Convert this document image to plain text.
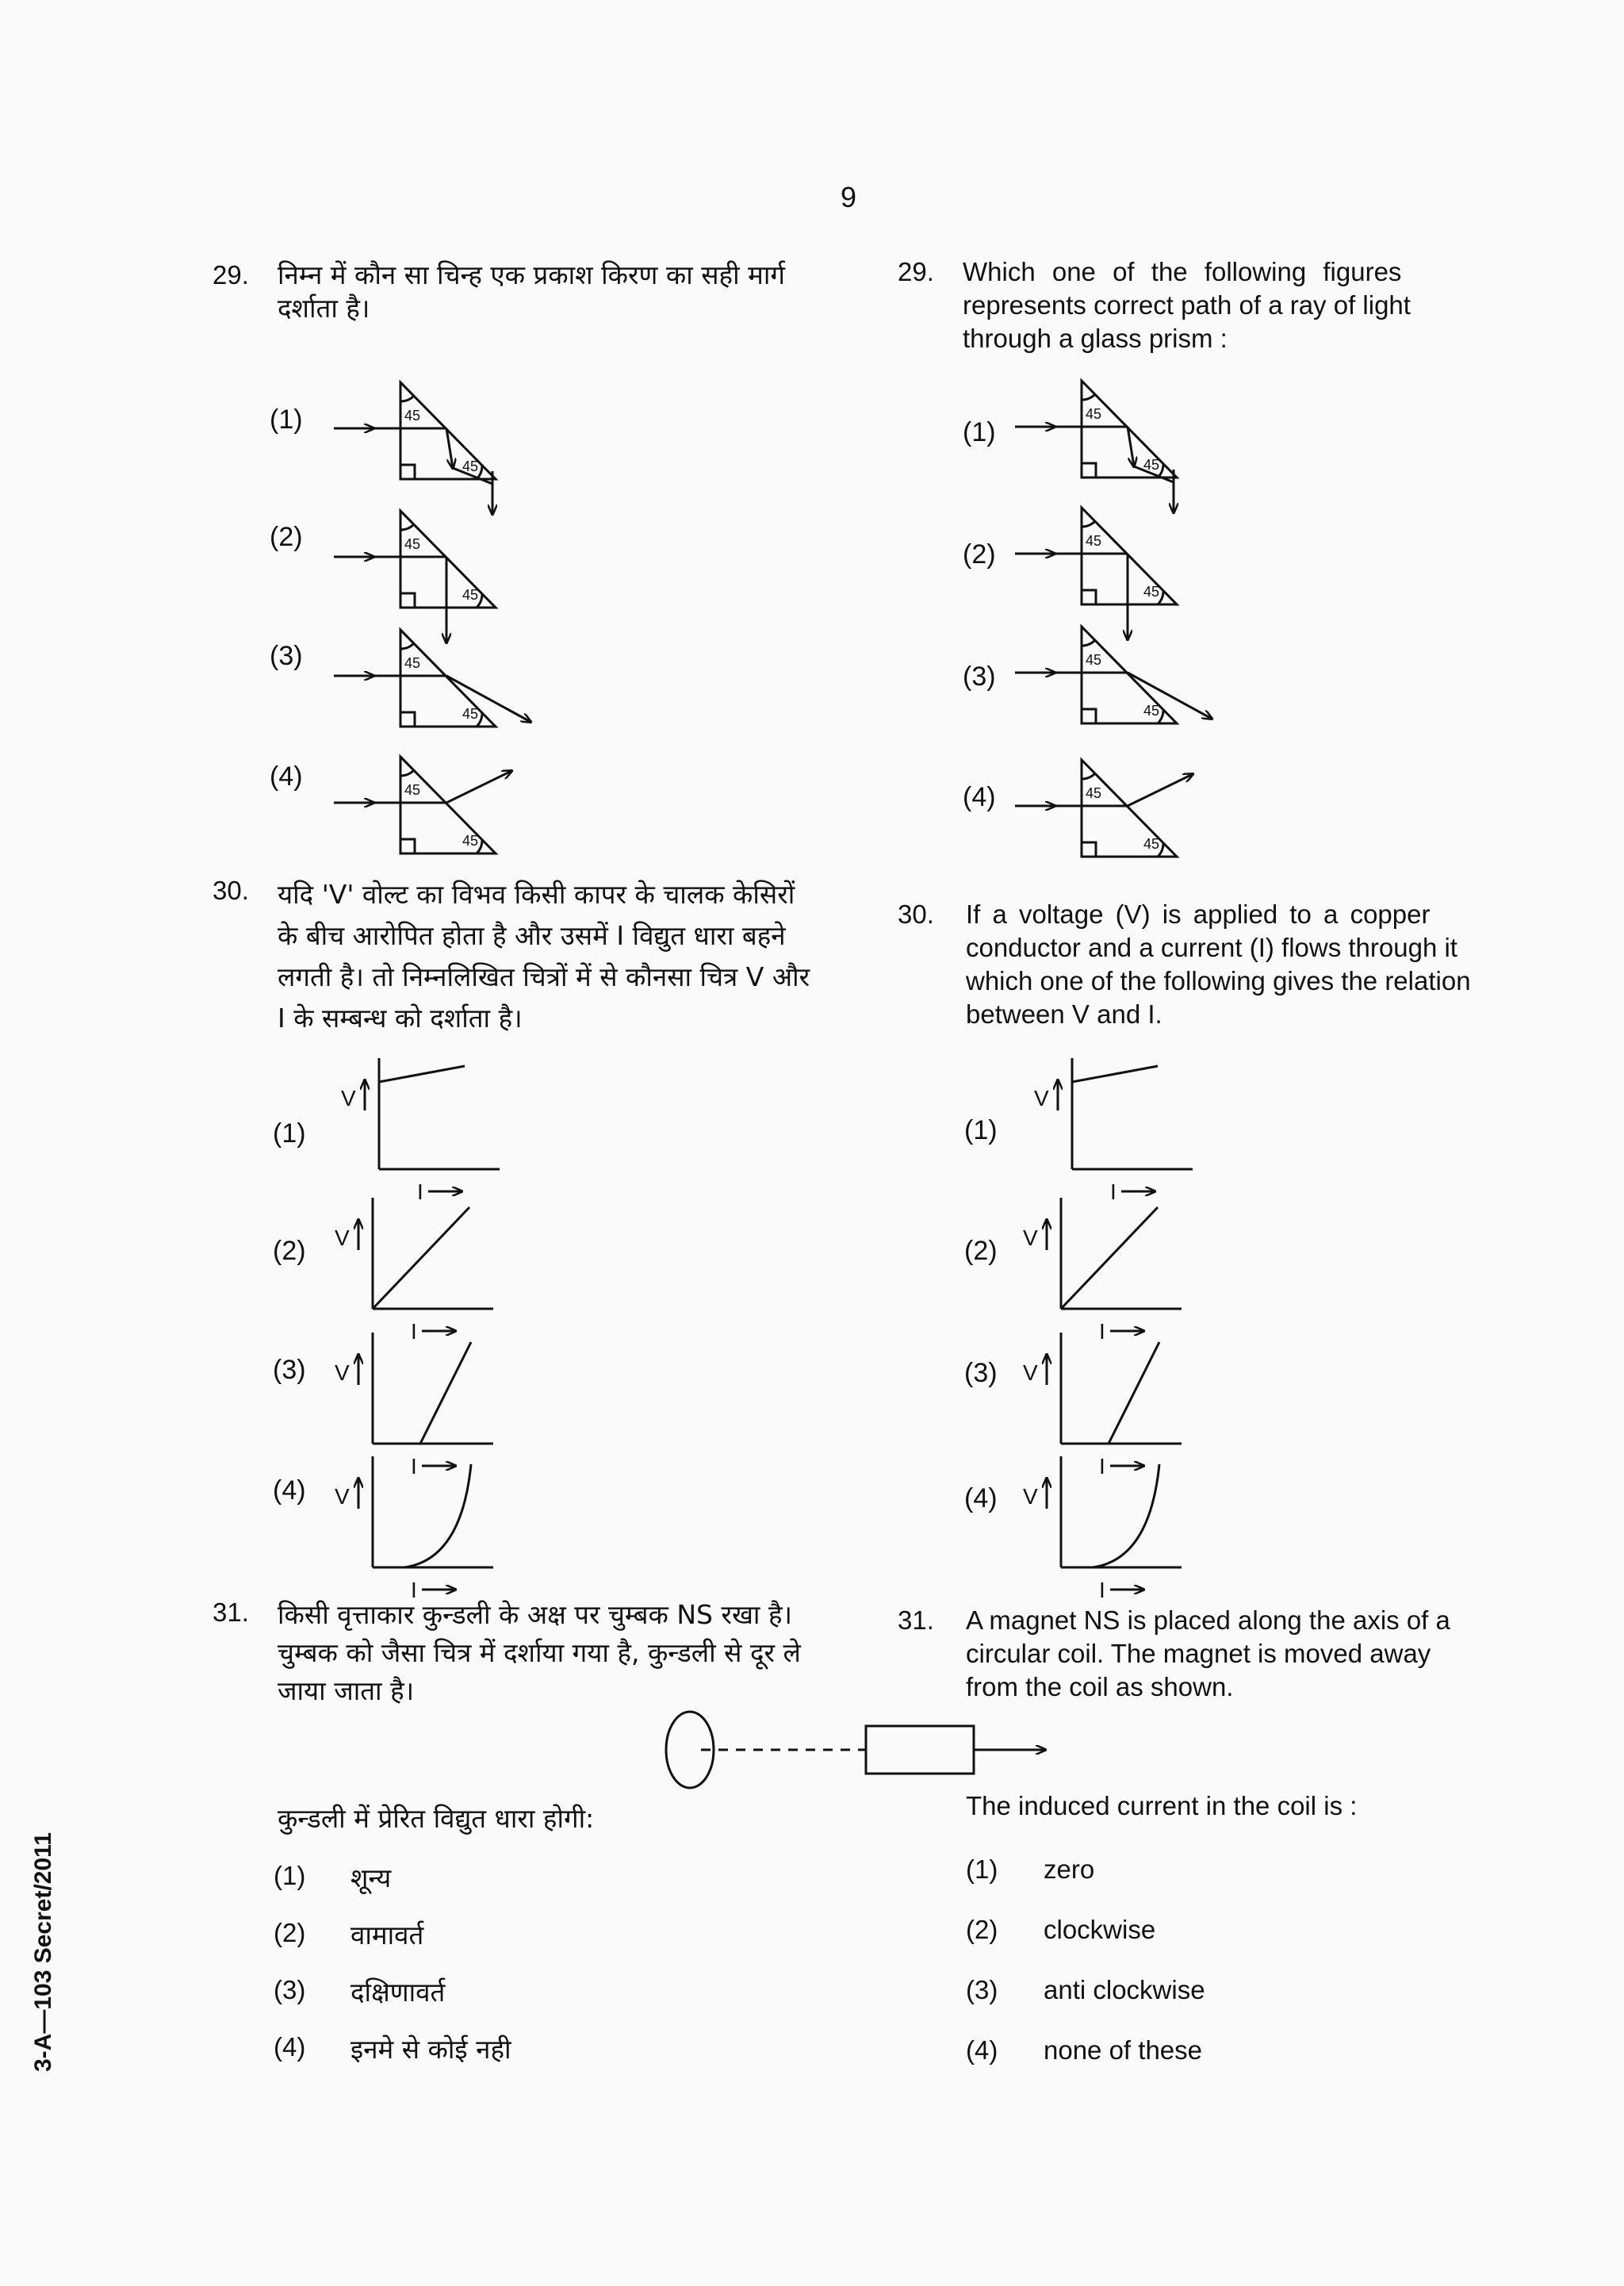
9
3-A—103 Secret/2011
29. निम्न में कौन सा चिन्ह एक प्रकाश किरण का सही मार्ग
दर्शाता है।
30. यदि 'V' वोल्ट का विभव किसी कापर के चालक केसिरों
के बीच आरोपित होता है और उसमें I विद्युत धारा बहने
लगती है। तो निम्नलिखित चित्रों में से कौनसा चित्र V और
I के सम्बन्ध को दर्शाता है।
31. किसी वृत्ताकार कुन्डली के अक्ष पर चुम्बक NS रखा है।
चुम्बक को जैसा चित्र में दर्शाया गया है, कुन्डली से दूर ले
जाया जाता है।
कुन्डली में प्रेरित विद्युत धारा होगी:
(1) शून्य
(2) वामावर्त
(3) दक्षिणावर्त
(4) इनमे से कोई नही
29. Which one of the following figures
represents correct path of a ray of light
through a glass prism :
30. If a voltage (V) is applied to a copper
conductor and a current (I) flows through it
which one of the following gives the relation
between V and I.
31. A magnet NS is placed along the axis of a
circular coil. The magnet is moved away
from the coil as shown.
The induced current in the coil is :
(1) zero
(2) clockwise
(3) anti clockwise
(4) none of these
45
45
(1)
45
45
(2)
45
45
(3)
45
45
(4)
45
45
(1)
45
45
(2)
45
45
(3)
45
45
(4)
V
I
V
I
V
I
V
I
(1)
(2)
(3)
(4)
V
I
V
I
V
I
V
I
(1)
(2)
(3)
(4)
